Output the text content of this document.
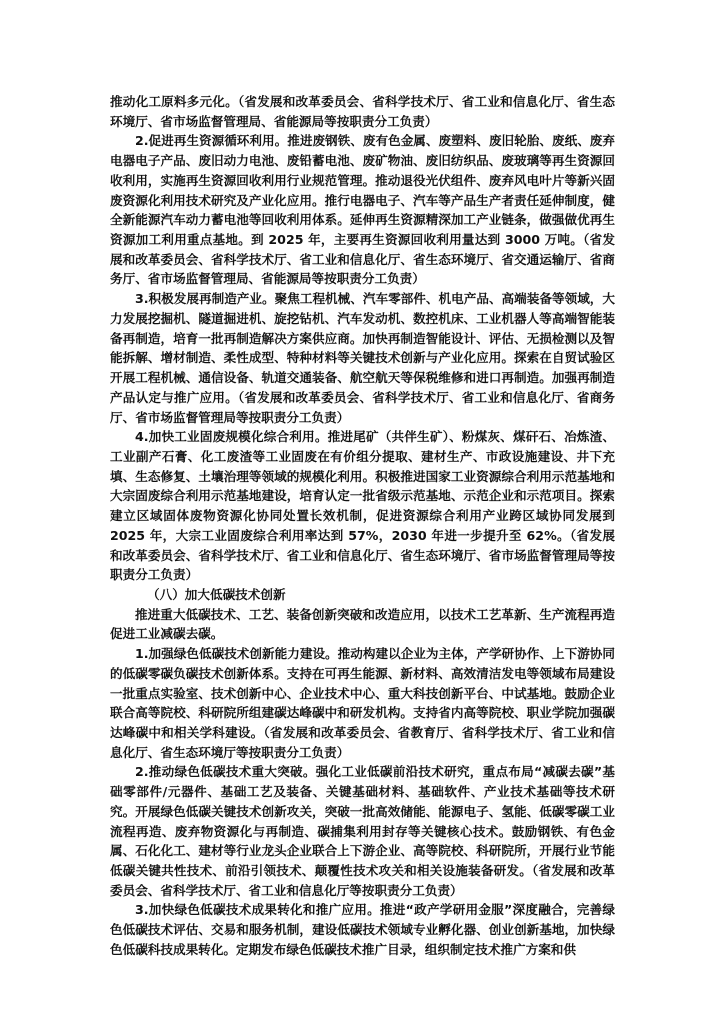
推动化工原料多元化。（省发展和改革委员会、省科学技术厅、省工业和信息化厅、省生态环境厅、省市场监督管理局、省能源局等按职责分工负责）

2.促进再生资源循环利用。推进废钢铁、废有色金属、废塑料、废旧轮胎、废纸、废弃电器电子产品、废旧动力电池、废铅蓄电池、废矿物油、废旧纺织品、废玻璃等再生资源回收利用，实施再生资源回收利用行业规范管理。推动退役光伏组件、废弃风电叶片等新兴固废资源化利用技术研究及产业化应用。推行电器电子、汽车等产品生产者责任延伸制度，健全新能源汽车动力蓄电池等回收利用体系。延伸再生资源精深加工产业链条，做强做优再生资源加工利用重点基地。到 2025 年，主要再生资源回收利用量达到 3000 万吨。（省发展和改革委员会、省科学技术厅、省工业和信息化厅、省生态环境厅、省交通运输厅、省商务厅、省市场监督管理局、省能源局等按职责分工负责）

3.积极发展再制造产业。聚焦工程机械、汽车零部件、机电产品、高端装备等领域，大力发展挖掘机、隧道掘进机、旋挖钻机、汽车发动机、数控机床、工业机器人等高端智能装备再制造，培育一批再制造解决方案供应商。加快再制造智能设计、评估、无损检测以及智能拆解、增材制造、柔性成型、特种材料等关键技术创新与产业化应用。探索在自贸试验区开展工程机械、通信设备、轨道交通装备、航空航天等保税维修和进口再制造。加强再制造产品认定与推广应用。（省发展和改革委员会、省科学技术厅、省工业和信息化厅、省商务厅、省市场监督管理局等按职责分工负责）

4.加快工业固废规模化综合利用。推进尾矿（共伴生矿）、粉煤灰、煤矸石、冶炼渣、工业副产石膏、化工废渣等工业固废在有价组分提取、建材生产、市政设施建设、井下充填、生态修复、土壤治理等领域的规模化利用。积极推进国家工业资源综合利用示范基地和大宗固废综合利用示范基地建设，培育认定一批省级示范基地、示范企业和示范项目。探索建立区域固体废物资源化协同处置长效机制，促进资源综合利用产业跨区域协同发展到 2025 年，大宗工业固废综合利用率达到 57%，2030 年进一步提升至 62%。（省发展和改革委员会、省科学技术厅、省工业和信息化厅、省生态环境厅、省市场监督管理局等按职责分工负责）

（八）加大低碳技术创新

推进重大低碳技术、工艺、装备创新突破和改造应用，以技术工艺革新、生产流程再造促进工业减碳去碳。

1.加强绿色低碳技术创新能力建设。推动构建以企业为主体，产学研协作、上下游协同的低碳零碳负碳技术创新体系。支持在可再生能源、新材料、高效清洁发电等领域布局建设一批重点实验室、技术创新中心、企业技术中心、重大科技创新平台、中试基地。鼓励企业联合高等院校、科研院所组建碳达峰碳中和研发机构。支持省内高等院校、职业学院加强碳达峰碳中和相关学科建设。（省发展和改革委员会、省教育厅、省科学技术厅、省工业和信息化厅、省生态环境厅等按职责分工负责）

2.推动绿色低碳技术重大突破。强化工业低碳前沿技术研究，重点布局“减碳去碳”基础零部件/元器件、基础工艺及装备、关键基础材料、基础软件、产业技术基础等技术研究。开展绿色低碳关键技术创新攻关，突破一批高效储能、能源电子、氢能、低碳零碳工业流程再造、废弃物资源化与再制造、碳捕集利用封存等关键核心技术。鼓励钢铁、有色金属、石化化工、建材等行业龙头企业联合上下游企业、高等院校、科研院所，开展行业节能低碳关键共性技术、前沿引领技术、颠覆性技术攻关和相关设施装备研发。（省发展和改革委员会、省科学技术厅、省工业和信息化厅等按职责分工负责）

3.加快绿色低碳技术成果转化和推广应用。推进“政产学研用金服”深度融合，完善绿色低碳技术评估、交易和服务机制，建设低碳技术领域专业孵化器、创业创新基地，加快绿色低碳科技成果转化。定期发布绿色低碳技术推广目录，组织制定技术推广方案和供
